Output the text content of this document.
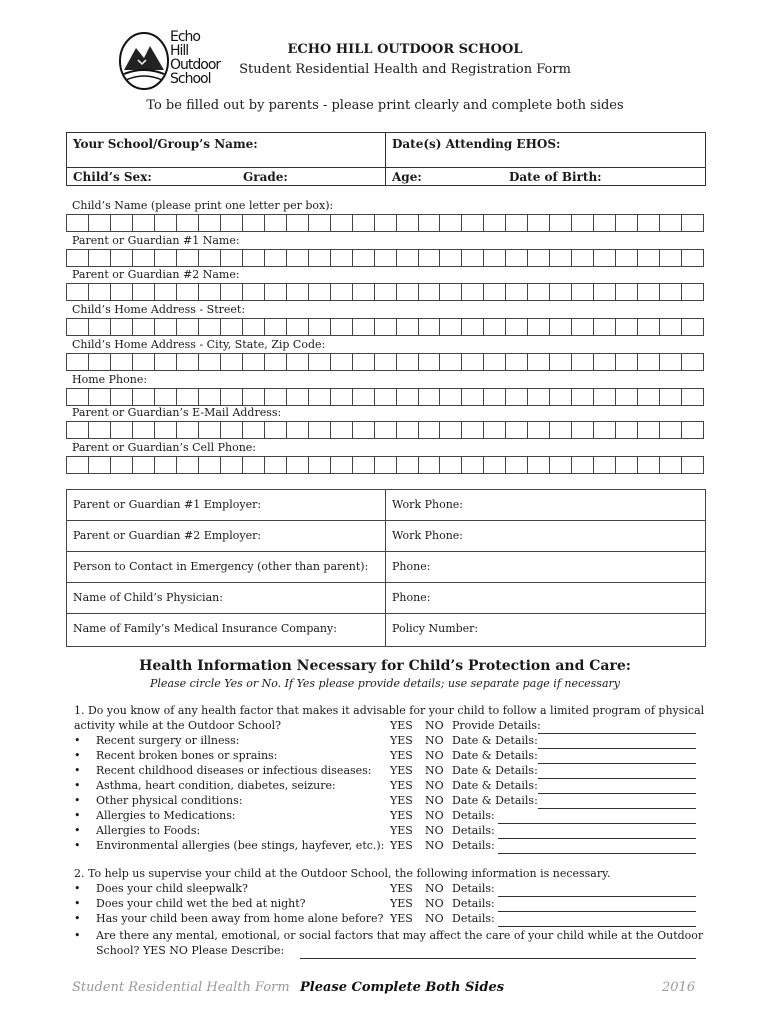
Echo
Hill
Outdoor
School
ECHO HILL OUTDOOR SCHOOL
Student Residential Health and Registration Form
To be filled out by parents - please print clearly and complete both sides
Your School/Group’s Name:	Date(s) Attending EHOS:
Child’s Sex:	Grade:	Age:	Date of Birth:
Child’s Name (please print one letter per box):
Parent or Guardian #1 Name:
Parent or Guardian #2 Name:
Child’s Home Address - Street:
Child’s Home Address - City, State, Zip Code:
Home Phone:
Parent or Guardian’s E-Mail Address:
Parent or Guardian’s Cell Phone:
Parent or Guardian #1 Employer:	Work Phone:
Parent or Guardian #2 Employer:	Work Phone:
Person to Contact in Emergency (other than parent): Phone:
Name of Child’s Physician:	Phone:
Name of Family’s Medical Insurance Company:	Policy Number:
Health Information Necessary for Child’s Protection and Care:
Please circle Yes or No. If Yes please provide details; use separate page if necessary
1. Do you know of any health factor that makes it advisable for your child to follow a limited program of physical
activity while at the Outdoor School?	YES NO Provide Details:
• Recent surgery or illness:	YES NO Date & Details:
• Recent broken bones or sprains:	YES NO Date & Details:
• Recent childhood diseases or infectious diseases: YES NO Date & Details:
• Asthma, heart condition, diabetes, seizure:	YES NO Date & Details:
• Other physical conditions:	YES NO Date & Details:
• Allergies to Medications:	YES NO Details:
• Allergies to Foods:	YES NO Details:
• Environmental allergies (bee stings, hayfever, etc.): YES NO Details:
2. To help us supervise your child at the Outdoor School, the following information is necessary.
• Does your child sleepwalk?	YES NO Details:
• Does your child wet the bed at night?	YES NO Details:
• Has your child been away from home alone before? YES NO Details:
• Are there any mental, emotional, or social factors that may affect the care of your child while at the Outdoor
School? YES NO Please Describe:
Student Residential Health Form Please Complete Both Sides	2016
